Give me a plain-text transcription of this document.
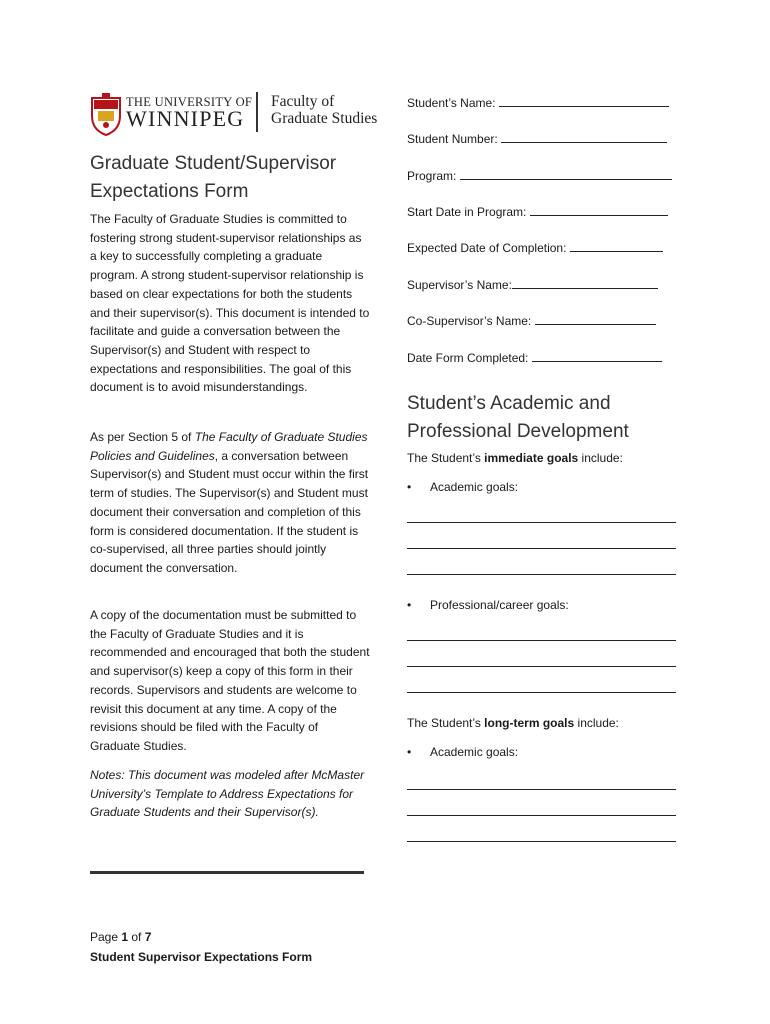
THE UNIVERSITY OF
WINNIPEG
Faculty of
Graduate Studies
Graduate Student/Supervisor Expectations Form

The Faculty of Graduate Studies is committed to fostering strong student-supervisor relationships as a key to successfully completing a graduate program. A strong student-supervisor relationship is based on clear expectations for both the students and their supervisor(s). This document is intended to facilitate and guide a conversation between the Supervisor(s) and Student with respect to expectations and responsibilities. The goal of this document is to avoid misunderstandings.

As per Section 5 of The Faculty of Graduate Studies Policies and Guidelines, a conversation between Supervisor(s) and Student must occur within the first term of studies. The Supervisor(s) and Student must document their conversation and completion of this form is considered documentation. If the student is co-supervised, all three parties should jointly document the conversation.

A copy of the documentation must be submitted to the Faculty of Graduate Studies and it is recommended and encouraged that both the student and supervisor(s) keep a copy of this form in their records. Supervisors and students are welcome to revisit this document at any time. A copy of the revisions should be filed with the Faculty of Graduate Studies.

Notes: This document was modeled after McMaster University’s Template to Address Expectations for Graduate Students and their Supervisor(s).

Page 1 of 7
Student Supervisor Expectations Form
Student’s Name:
Student Number:
Program:
Start Date in Program:
Expected Date of Completion:
Supervisor’s Name:
Co-Supervisor’s Name:
Date Form Completed:
Student’s Academic and Professional Development
The Student’s immediate goals include:
• Academic goals:
• Professional/career goals:
The Student’s long-term goals include:
• Academic goals:
